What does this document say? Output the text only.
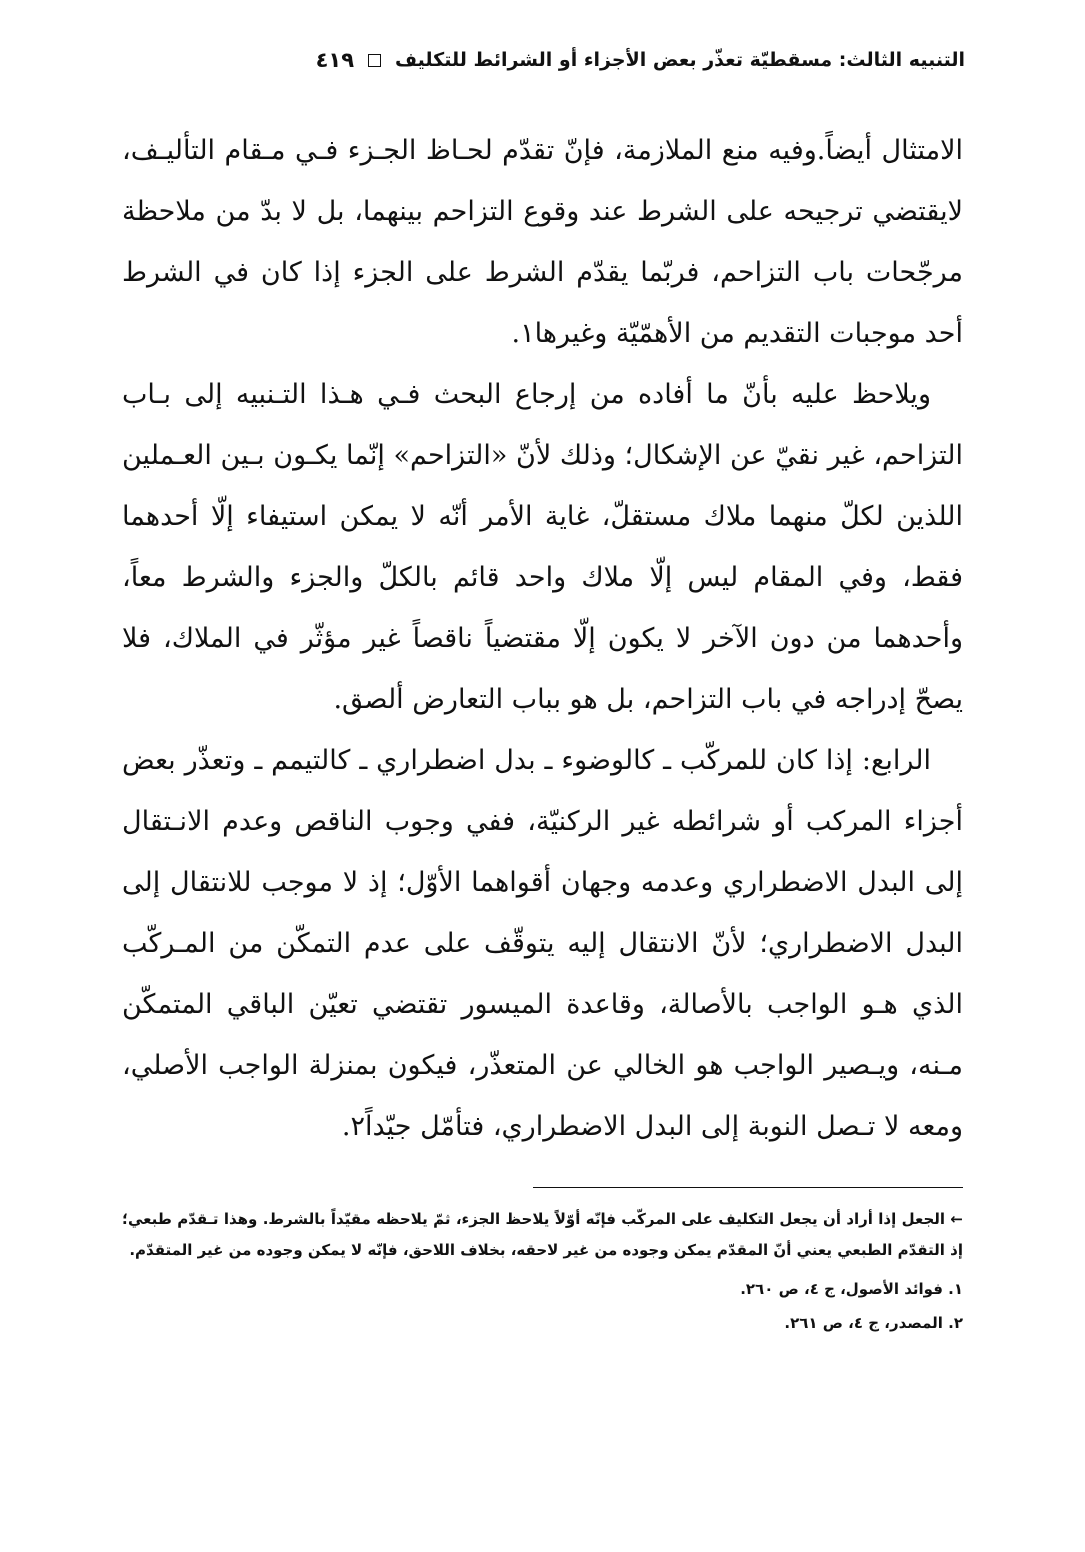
التنبيه الثالث: مسقطيّة تعذّر بعض الأجزاء أو الشرائط للتكليف
٤١٩

الامتثال أيضاً.وفيه منع الملازمة، فإنّ تقدّم لحـاظ الجـزء فـي مـقام التأليـف، لايقتضي ترجيحه على الشرط عند وقوع التزاحم بينهما، بل لا بدّ من ملاحظة مرجّحات باب التزاحم، فربّما يقدّم الشرط على الجزء إذا كان في الشرط أحد موجبات التقديم من الأهمّيّة وغيرها١.

ويلاحظ عليه بأنّ ما أفاده من إرجاع البحث فـي هـذا التـنبيه إلى بـاب التزاحم، غير نقيّ عن الإشكال؛ وذلك لأنّ «التزاحم» إنّما يكـون بـين العـملين اللذين لكلّ منهما ملاك مستقلّ، غاية الأمر أنّه لا يمكن استيفاء إلّا أحدهما فقط، وفي المقام ليس إلّا ملاك واحد قائم بالكلّ والجزء والشرط معاً، وأحدهما من دون الآخر لا يكون إلّا مقتضياً ناقصاً غير مؤثّر في الملاك، فلا يصحّ إدراجه في باب التزاحم، بل هو بباب التعارض ألصق.

الرابع: إذا كان للمركّب ـ كالوضوء ـ بدل اضطراري ـ كالتيمم ـ وتعذّر بعض أجزاء المركب أو شرائطه غير الركنيّة، ففي وجوب الناقص وعدم الانـتقال إلى البدل الاضطراري وعدمه وجهان أقواهما الأوّل؛ إذ لا موجب للانتقال إلى البدل الاضطراري؛ لأنّ الانتقال إليه يتوقّف على عدم التمكّن من المـركّب الذي هـو الواجب بالأصالة، وقاعدة الميسور تقتضي تعيّن الباقي المتمكّن مـنه، ويـصير الواجب هو الخالي عن المتعذّر، فيكون بمنزلة الواجب الأصلي، ومعه لا تـصل النوبة إلى البدل الاضطراري، فتأمّل جيّداً٢.

← الجعل إذا أراد أن يجعل التكليف على المركّب فإنّه أوّلاً يلاحظ الجزء، ثمّ يلاحظه مقيّداً بالشرط. وهذا تـقدّم طبعي؛ إذ التقدّم الطبعي يعني أنّ المقدّم يمكن وجوده من غير لاحقه، بخلاف اللاحق، فإنّه لا يمكن وجوده من غير المتقدّم.

١. فوائد الأصول، ج ٤، ص ٢٦٠.

٢. المصدر، ج ٤، ص ٢٦١.
